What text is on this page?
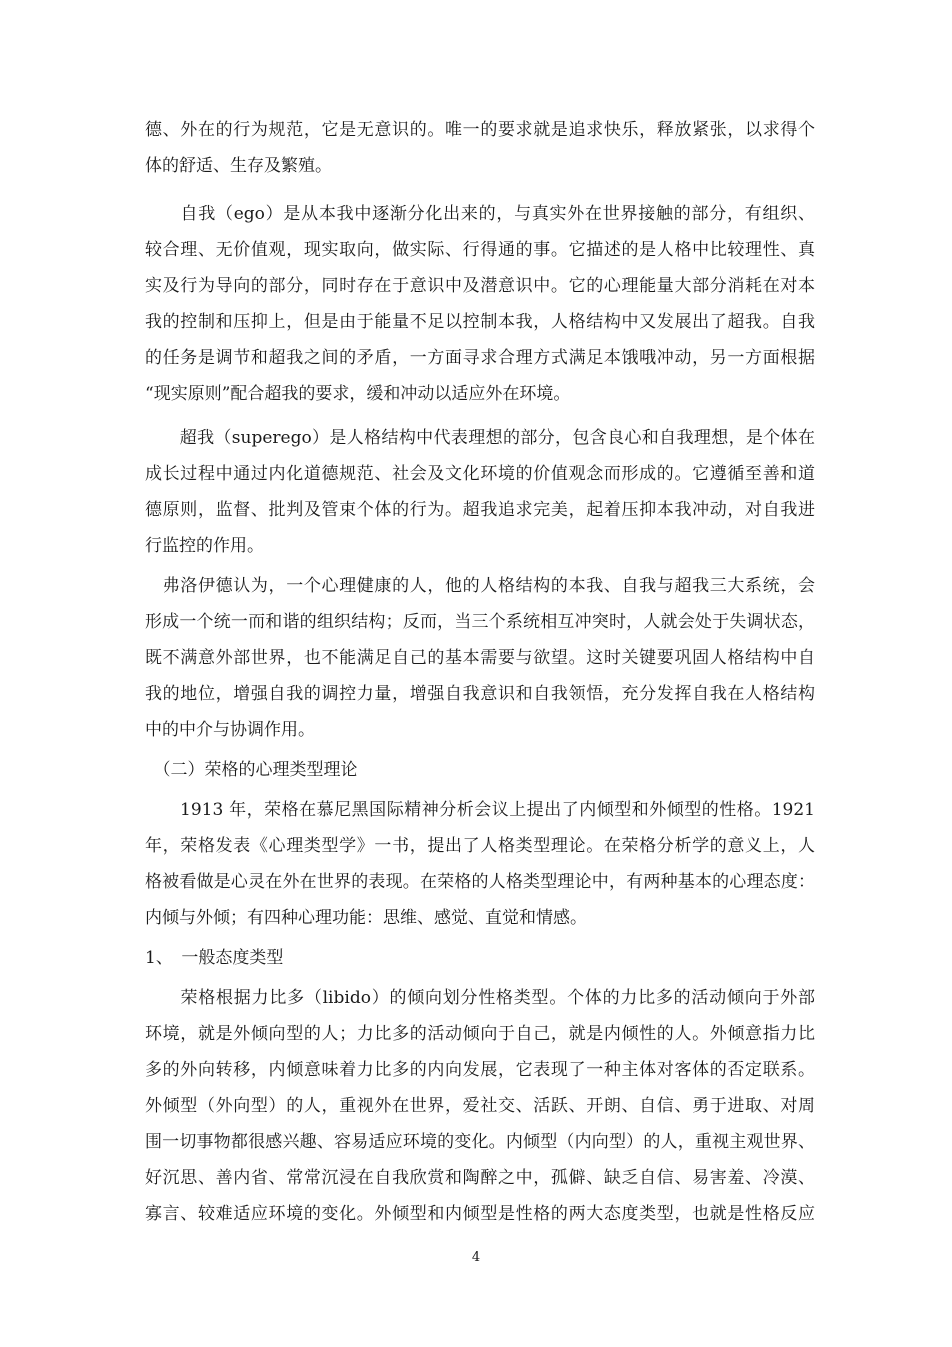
德、外在的行为规范，它是无意识的。唯一的要求就是追求快乐，释放紧张，以求得个
体的舒适、生存及繁殖。
　　自我（ego）是从本我中逐渐分化出来的，与真实外在世界接触的部分，有组织、
较合理、无价值观，现实取向，做实际、行得通的事。它描述的是人格中比较理性、真
实及行为导向的部分，同时存在于意识中及潜意识中。它的心理能量大部分消耗在对本
我的控制和压抑上，但是由于能量不足以控制本我，人格结构中又发展出了超我。自我
的任务是调节和超我之间的矛盾，一方面寻求合理方式满足本饿哦冲动，另一方面根据
“现实原则”配合超我的要求，缓和冲动以适应外在环境。
　　超我（superego）是人格结构中代表理想的部分，包含良心和自我理想，是个体在
成长过程中通过内化道德规范、社会及文化环境的价值观念而形成的。它遵循至善和道
德原则，监督、批判及管束个体的行为。超我追求完美，起着压抑本我冲动，对自我进
行监控的作用。
　弗洛伊德认为，一个心理健康的人，他的人格结构的本我、自我与超我三大系统，会
形成一个统一而和谐的组织结构；反而，当三个系统相互冲突时，人就会处于失调状态，
既不满意外部世界，也不能满足自己的基本需要与欲望。这时关键要巩固人格结构中自
我的地位，增强自我的调控力量，增强自我意识和自我领悟，充分发挥自我在人格结构
中的中介与协调作用。
　（二）荣格的心理类型理论
　　1913 年，荣格在慕尼黑国际精神分析会议上提出了内倾型和外倾型的性格。1921
年，荣格发表《心理类型学》一书，提出了人格类型理论。在荣格分析学的意义上，人
格被看做是心灵在外在世界的表现。在荣格的人格类型理论中，有两种基本的心理态度：
内倾与外倾；有四种心理功能：思维、感觉、直觉和情感。
1、　一般态度类型
　　荣格根据力比多（libido）的倾向划分性格类型。个体的力比多的活动倾向于外部
环境，就是外倾向型的人；力比多的活动倾向于自己，就是内倾性的人。外倾意指力比
多的外向转移，内倾意味着力比多的内向发展，它表现了一种主体对客体的否定联系。
外倾型（外向型）的人，重视外在世界，爱社交、活跃、开朗、自信、勇于进取、对周
围一切事物都很感兴趣、容易适应环境的变化。内倾型（内向型）的人，重视主观世界、
好沉思、善内省、常常沉浸在自我欣赏和陶醉之中，孤僻、缺乏自信、易害羞、冷漠、
寡言、较难适应环境的变化。外倾型和内倾型是性格的两大态度类型，也就是性格反应
4
